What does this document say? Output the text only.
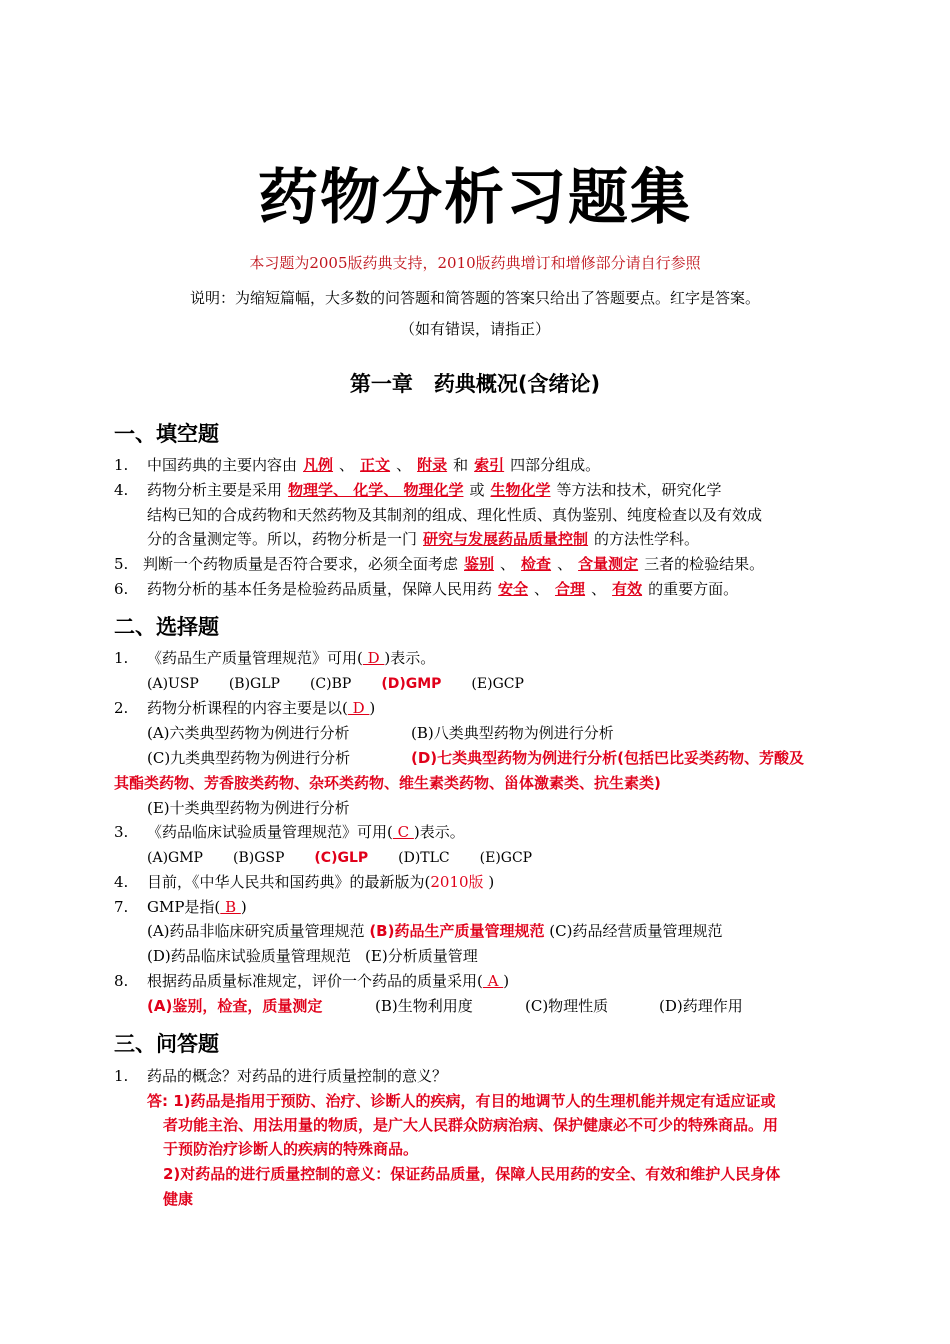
药物分析习题集
本习题为2005版药典支持，2010版药典增订和增修部分请自行参照
说明：为缩短篇幅，大多数的问答题和简答题的答案只给出了答题要点。红字是答案。
（如有错误，请指正）
第一章　药典概况(含绪论)
一、填空题
1. 中国药典的主要内容由 凡例 、 正文 、 附录 和 索引 四部分组成。
4. 药物分析主要是采用 物理学、 化学、 物理化学 或 生物化学 等方法和技术，研究化学
结构已知的合成药物和天然药物及其制剂的组成、理化性质、真伪鉴别、纯度检查以及有效成
分的含量测定等。所以，药物分析是一门 研究与发展药品质量控制 的方法性学科。
5. 判断一个药物质量是否符合要求，必须全面考虑 鉴别 、 检查 、 含量测定 三者的检验结果。
6. 药物分析的基本任务是检验药品质量，保障人民用药 安全 、 合理 、 有效 的重要方面。
二、选择题
1. 《药品生产质量管理规范》可用( D )表示。
(A)USP (B)GLP (C)BP (D)GMP (E)GCP
2. 药物分析课程的内容主要是以( D )
(A)六类典型药物为例进行分析	(B)八类典型药物为例进行分析
(C)九类典型药物为例进行分析	(D)七类典型药物为例进行分析(包括巴比妥类药物、芳酸及
其酯类药物、芳香胺类药物、杂环类药物、维生素类药物、甾体激素类、抗生素类)
(E)十类典型药物为例进行分析
3. 《药品临床试验质量管理规范》可用( C )表示。
(A)GMP (B)GSP (C)GLP (D)TLC (E)GCP
4. 目前，《中华人民共和国药典》的最新版为(2010版 )
7. GMP是指( B )
(A)药品非临床研究质量管理规范 (B)药品生产质量管理规范 (C)药品经营质量管理规范
(D)药品临床试验质量管理规范 (E)分析质量管理
8. 根据药品质量标准规定，评价一个药品的质量采用( A )
(A)鉴别，检查，质量测定	(B)生物利用度	(C)物理性质	(D)药理作用
三、问答题
1. 药品的概念？对药品的进行质量控制的意义？
答: 1)药品是指用于预防、治疗、诊断人的疾病，有目的地调节人的生理机能并规定有适应证或
者功能主治、用法用量的物质，是广大人民群众防病治病、保护健康必不可少的特殊商品。用
于预防治疗诊断人的疾病的特殊商品。
2)对药品的进行质量控制的意义：保证药品质量，保障人民用药的安全、有效和维护人民身体
健康
